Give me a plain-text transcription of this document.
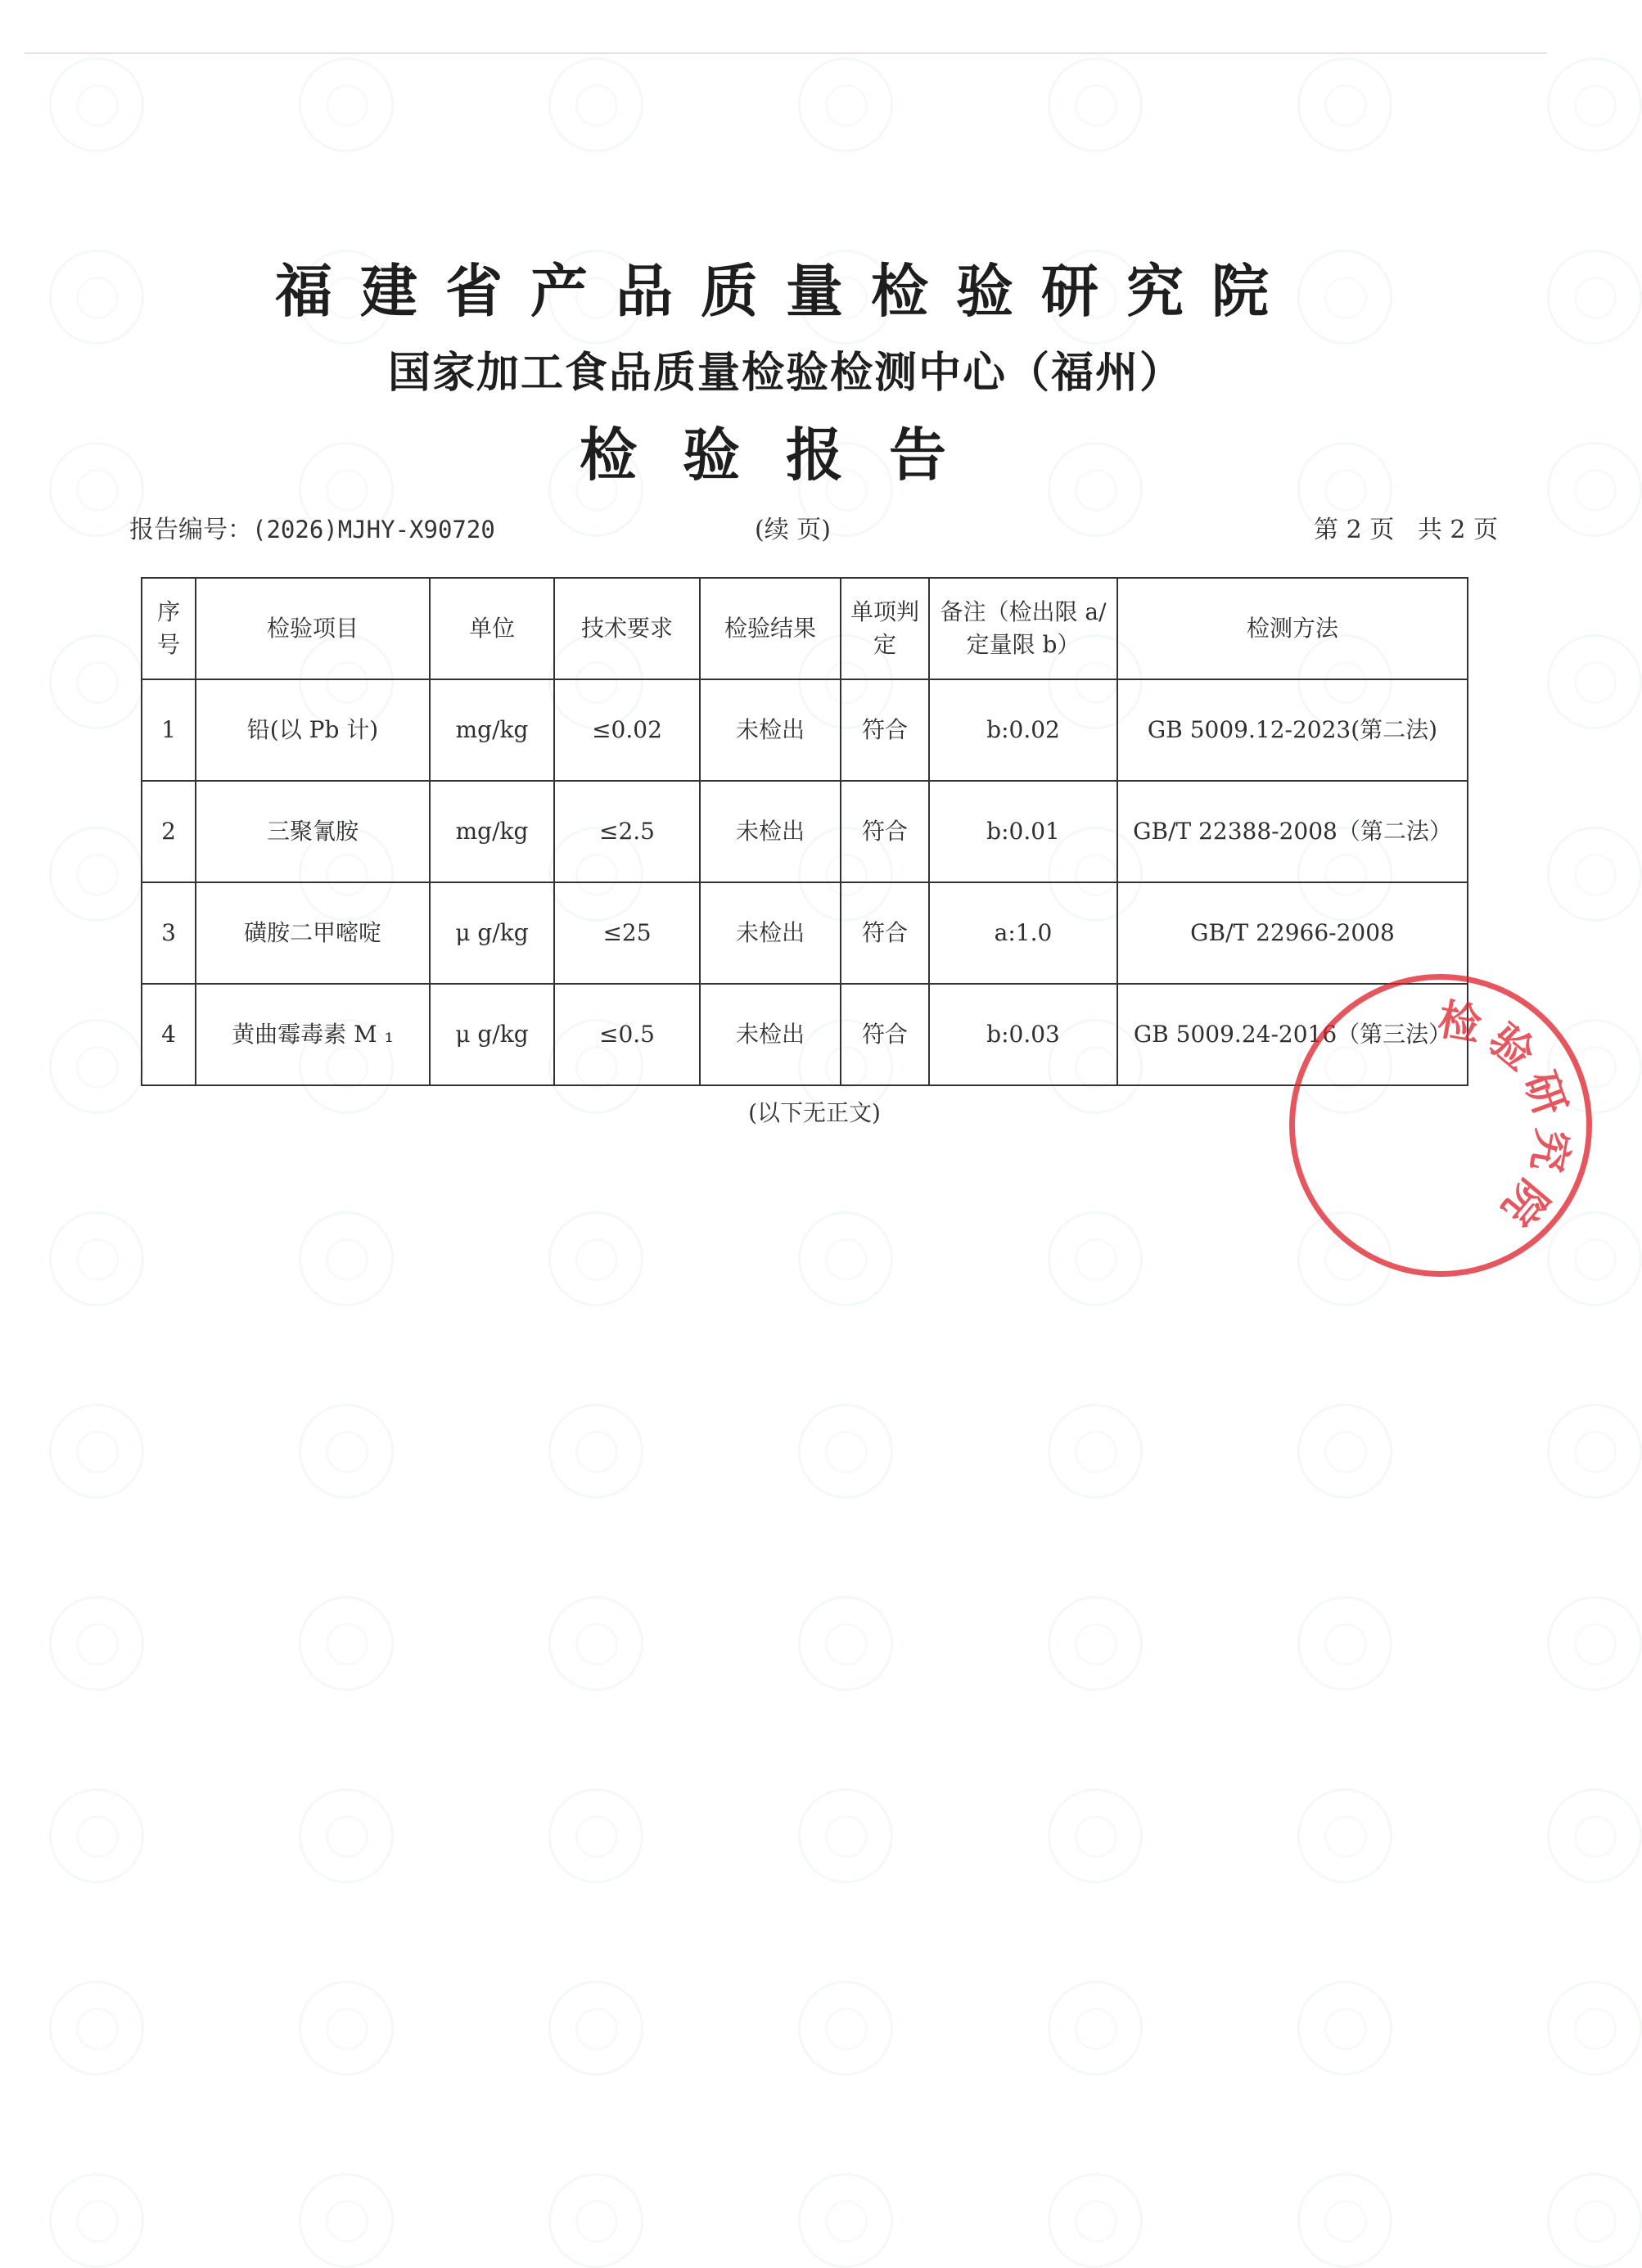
福建省产品质量检验研究院
国家加工食品质量检验检测中心（福州）
检验报告
报告编号：(2026)MJHY-X90720	(续 页)	第 2 页 共 2 页
序号	检验项目	单位	技术要求	检验结果	单项判定	备注（检出限 a/定量限 b）	检测方法
1	铅(以 Pb 计)	mg/kg	≤0.02	未检出	符合	b:0.02	GB 5009.12-2023(第二法)
2	三聚氰胺	mg/kg	≤2.5	未检出	符合	b:0.01	GB/T 22388-2008（第二法）
3	磺胺二甲嘧啶	μ g/kg	≤25	未检出	符合	a:1.0	GB/T 22966-2008
4	黄曲霉毒素 M ₁	μ g/kg	≤0.5	未检出	符合	b:0.03	GB 5009.24-2016（第三法）
(以下无正文)
检
验
研
究
院
